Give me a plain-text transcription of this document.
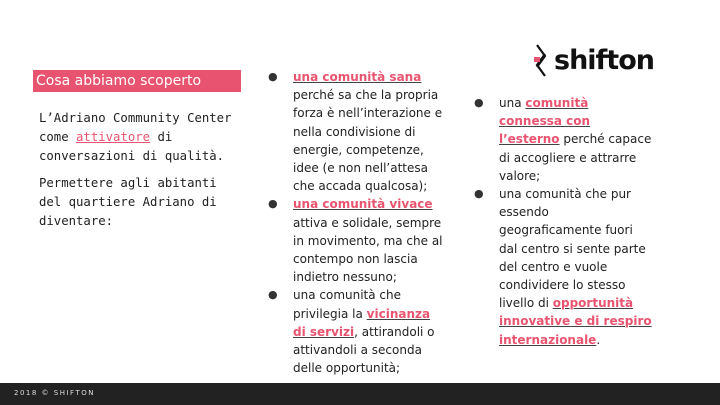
shifton
Cosa abbiamo scoperto
L’Adriano Community Center come attivatore di conversazioni di qualità.
Permettere agli abitanti del quartiere Adriano di diventare:
● una comunità sana perché sa che la propria forza è nell’interazione e nella condivisione di energie, competenze, idee (e non nell’attesa che accada qualcosa);
● una comunità vivace attiva e solidale, sempre in movimento, ma che al contempo non lascia indietro nessuno;
● una comunità che privilegia la vicinanza di servizi, attirandoli o attivandoli a seconda delle opportunità;
● una comunità connessa con l’esterno perché capace di accogliere e attrarre valore;
● una comunità che pur essendo geograficamente fuori dal centro si sente parte del centro e vuole condividere lo stesso livello di opportunità innovative e di respiro internazionale.
2018 © SHIFTON
